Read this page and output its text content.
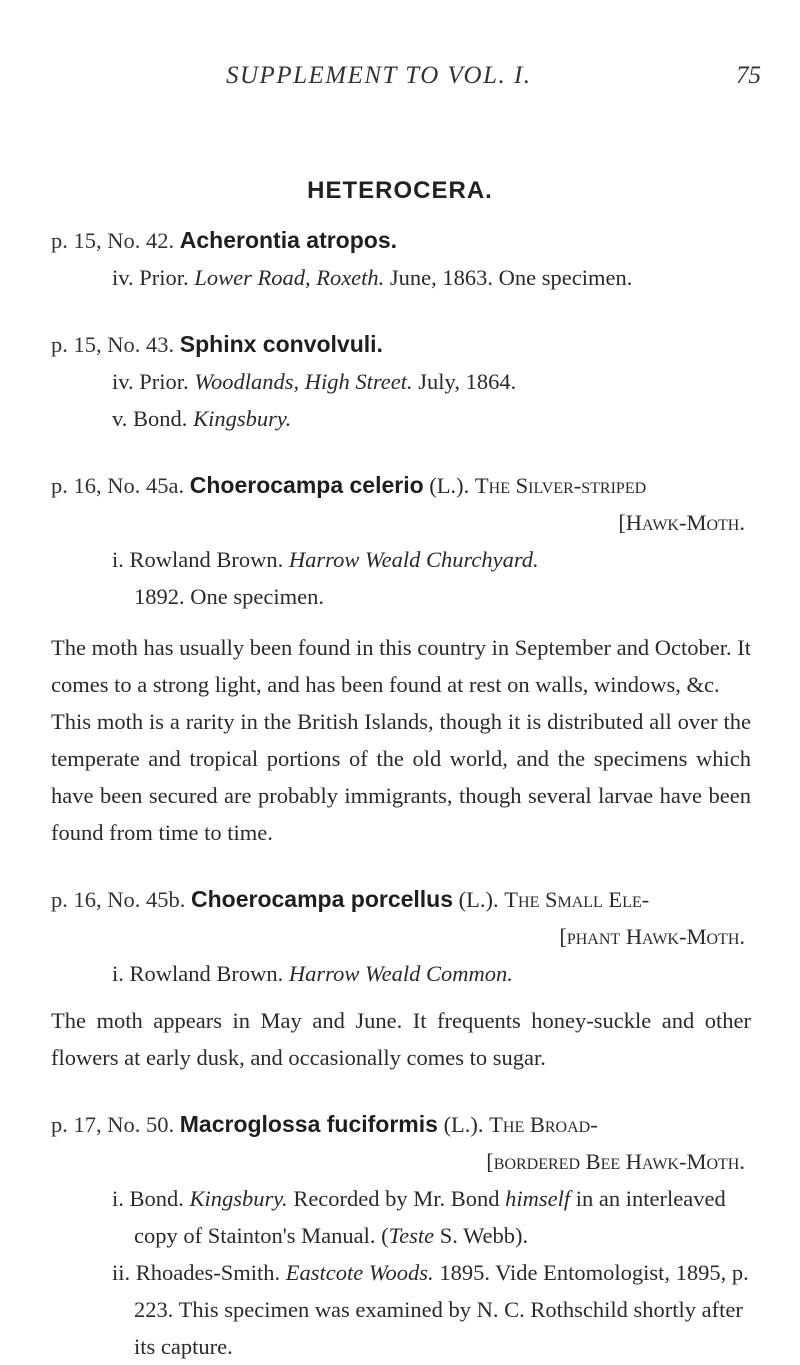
SUPPLEMENT TO VOL. I.	75
HETEROCERA.
p. 15, No. 42. Acherontia atropos.
iv. Prior. Lower Road, Roxeth. June, 1863. One specimen.
p. 15, No. 43. Sphinx convolvuli.
iv. Prior. Woodlands, High Street. July, 1864.
v. Bond. Kingsbury.
p. 16, No. 45a. Choerocampa celerio (L.). The Silver-striped
[Hawk-Moth.
i. Rowland Brown. Harrow Weald Churchyard.
1892. One specimen.

The moth has usually been found in this country in September and October. It comes to a strong light, and has been found at rest on walls, windows, &c.

This moth is a rarity in the British Islands, though it is distributed all over the temperate and tropical portions of the old world, and the specimens which have been secured are probably immigrants, though several larvae have been found from time to time.

p. 16, No. 45b. Choerocampa porcellus (L.). The Small Ele-
[phant Hawk-Moth.
i. Rowland Brown. Harrow Weald Common.

The moth appears in May and June. It frequents honey-suckle and other flowers at early dusk, and occasionally comes to sugar.

p. 17, No. 50. Macroglossa fuciformis (L.). The Broad-
[bordered Bee Hawk-Moth.
i. Bond. Kingsbury. Recorded by Mr. Bond himself in an interleaved copy of Stainton's Manual. (Teste S. Webb).
ii. Rhoades-Smith. Eastcote Woods. 1895. Vide Entomologist, 1895, p. 223. This specimen was examined by N. C. Rothschild shortly after its capture.
